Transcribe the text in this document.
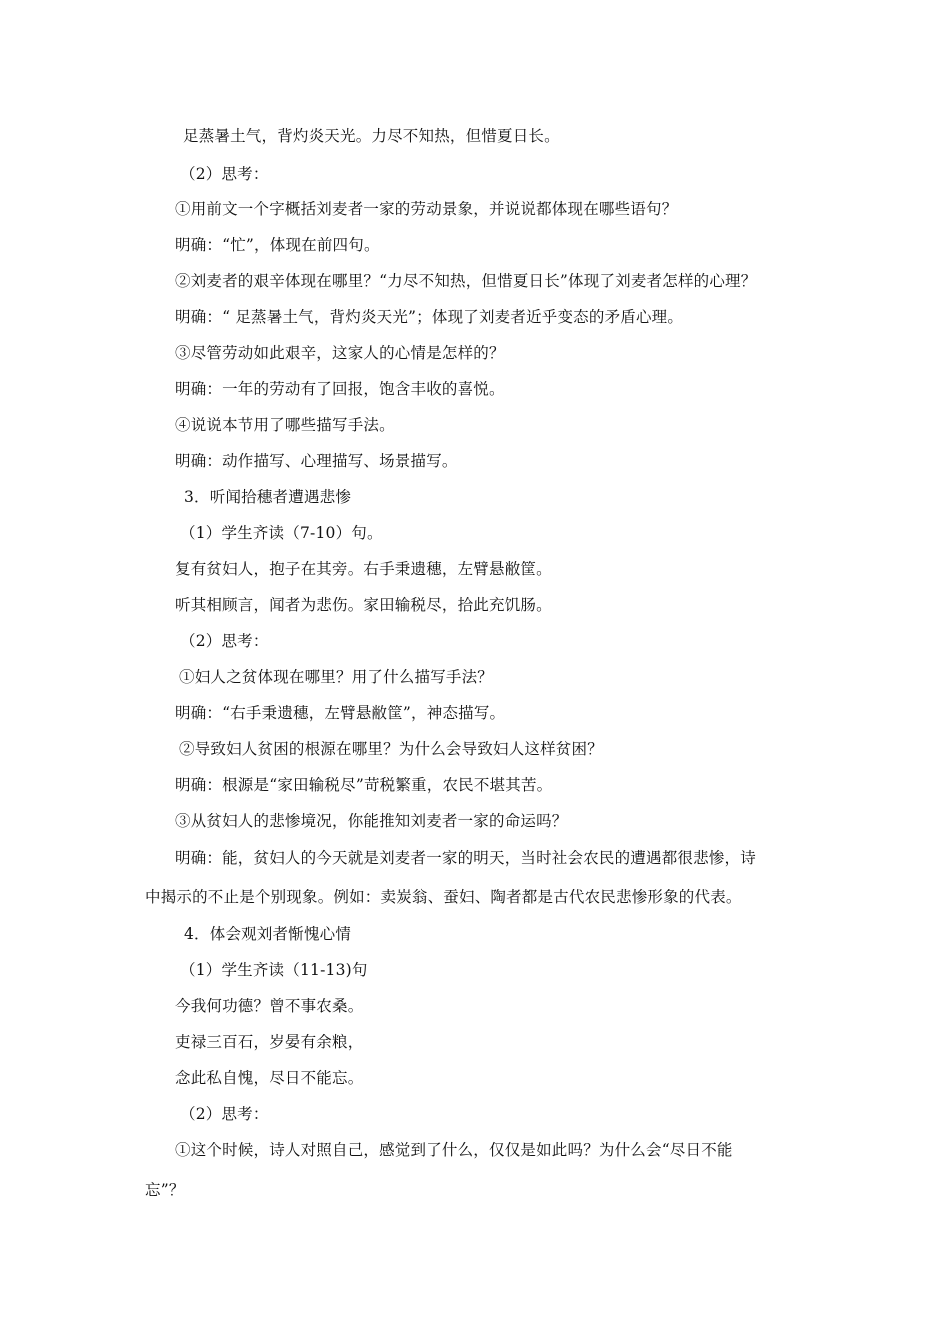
足蒸暑土气，背灼炎天光。力尽不知热，但惜夏日长。
（2）思考：
①用前文一个字概括刘麦者一家的劳动景象，并说说都体现在哪些语句？
明确：“忙”，体现在前四句。
②刘麦者的艰辛体现在哪里？“力尽不知热，但惜夏日长”体现了刘麦者怎样的心理？
明确：“ 足蒸暑土气，背灼炎天光”；体现了刘麦者近乎变态的矛盾心理。
③尽管劳动如此艰辛，这家人的心情是怎样的？
明确：一年的劳动有了回报，饱含丰收的喜悦。
④说说本节用了哪些描写手法。
明确：动作描写、心理描写、场景描写。
3．听闻拾穗者遭遇悲惨
（1）学生齐读（7-10）句。
复有贫妇人，抱子在其旁。右手秉遗穗，左臂悬敝筐。
听其相顾言，闻者为悲伤。家田输税尽，拾此充饥肠。
（2）思考：
①妇人之贫体现在哪里？用了什么描写手法？
明确：“右手秉遗穗，左臂悬敝筐”，神态描写。
②导致妇人贫困的根源在哪里？为什么会导致妇人这样贫困？
明确：根源是“家田输税尽”苛税繁重，农民不堪其苦。
③从贫妇人的悲惨境况，你能推知刘麦者一家的命运吗？
明确：能，贫妇人的今天就是刘麦者一家的明天，当时社会农民的遭遇都很悲惨，诗
中揭示的不止是个别现象。例如：卖炭翁、蚕妇、陶者都是古代农民悲惨形象的代表。
4．体会观刘者惭愧心情
（1）学生齐读（11-13)句
今我何功德？曾不事农桑。
吏禄三百石，岁晏有余粮，
念此私自愧，尽日不能忘。
（2）思考：
①这个时候，诗人对照自己，感觉到了什么，仅仅是如此吗？为什么会“尽日不能
忘”？
